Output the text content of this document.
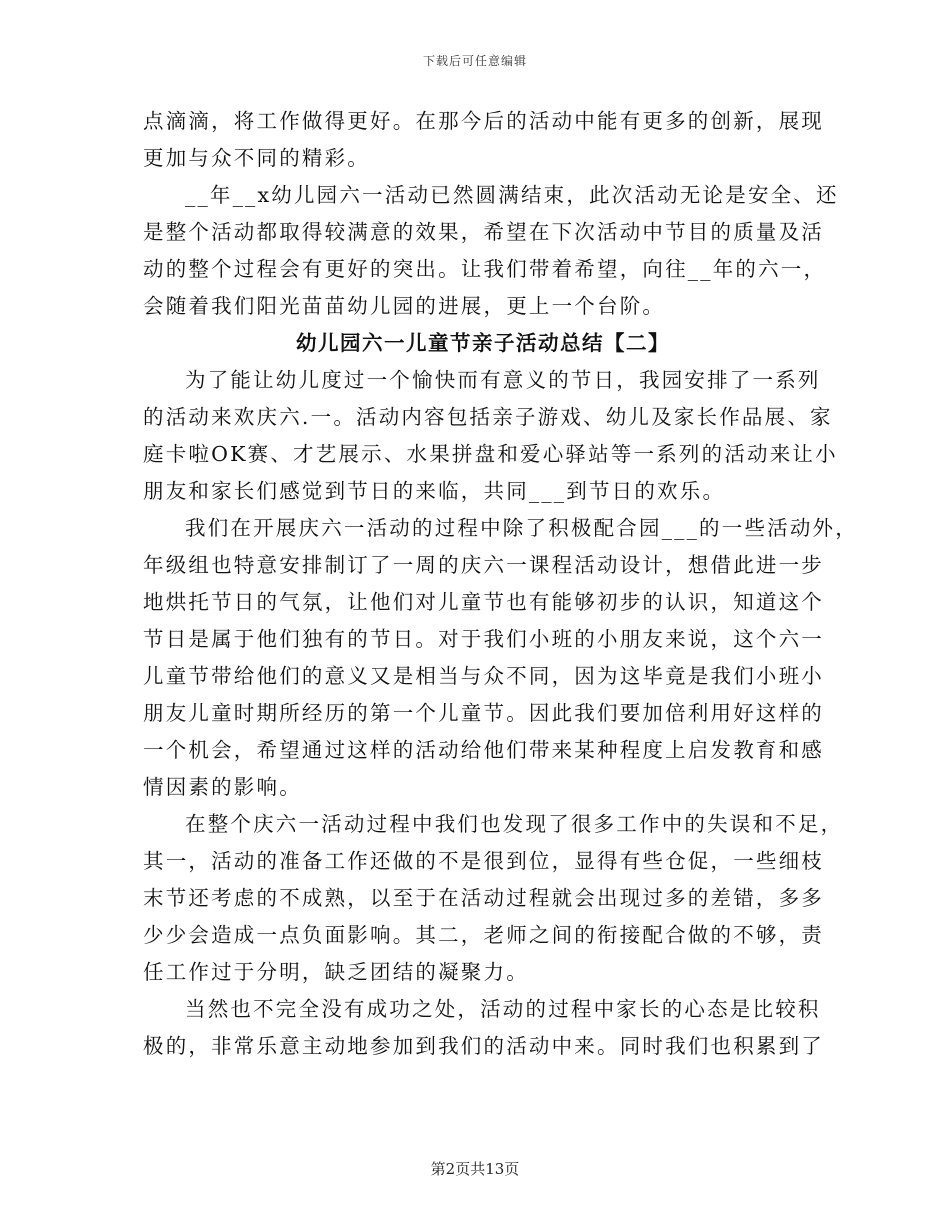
下载后可任意编辑
点滴滴，将工作做得更好。在那今后的活动中能有更多的创新，展现
更加与众不同的精彩。
__年__x幼儿园六一活动已然圆满结束，此次活动无论是安全、还
是整个活动都取得较满意的效果，希望在下次活动中节目的质量及活
动的整个过程会有更好的突出。让我们带着希望，向往__年的六一，
会随着我们阳光苗苗幼儿园的进展，更上一个台阶。
幼儿园六一儿童节亲子活动总结【二】
为了能让幼儿度过一个愉快而有意义的节日，我园安排了一系列
的活动来欢庆六.一。活动内容包括亲子游戏、幼儿及家长作品展、家
庭卡啦OK赛、才艺展示、水果拼盘和爱心驿站等一系列的活动来让小
朋友和家长们感觉到节日的来临，共同___到节日的欢乐。
我们在开展庆六一活动的过程中除了积极配合园___的一些活动外，
年级组也特意安排制订了一周的庆六一课程活动设计，想借此进一步
地烘托节日的气氛，让他们对儿童节也有能够初步的认识，知道这个
节日是属于他们独有的节日。对于我们小班的小朋友来说，这个六一
儿童节带给他们的意义又是相当与众不同，因为这毕竟是我们小班小
朋友儿童时期所经历的第一个儿童节。因此我们要加倍利用好这样的
一个机会，希望通过这样的活动给他们带来某种程度上启发教育和感
情因素的影响。
在整个庆六一活动过程中我们也发现了很多工作中的失误和不足，
其一，活动的准备工作还做的不是很到位，显得有些仓促，一些细枝
末节还考虑的不成熟，以至于在活动过程就会出现过多的差错，多多
少少会造成一点负面影响。其二，老师之间的衔接配合做的不够，责
任工作过于分明，缺乏团结的凝聚力。
当然也不完全没有成功之处，活动的过程中家长的心态是比较积
极的，非常乐意主动地参加到我们的活动中来。同时我们也积累到了
第2页共13页
